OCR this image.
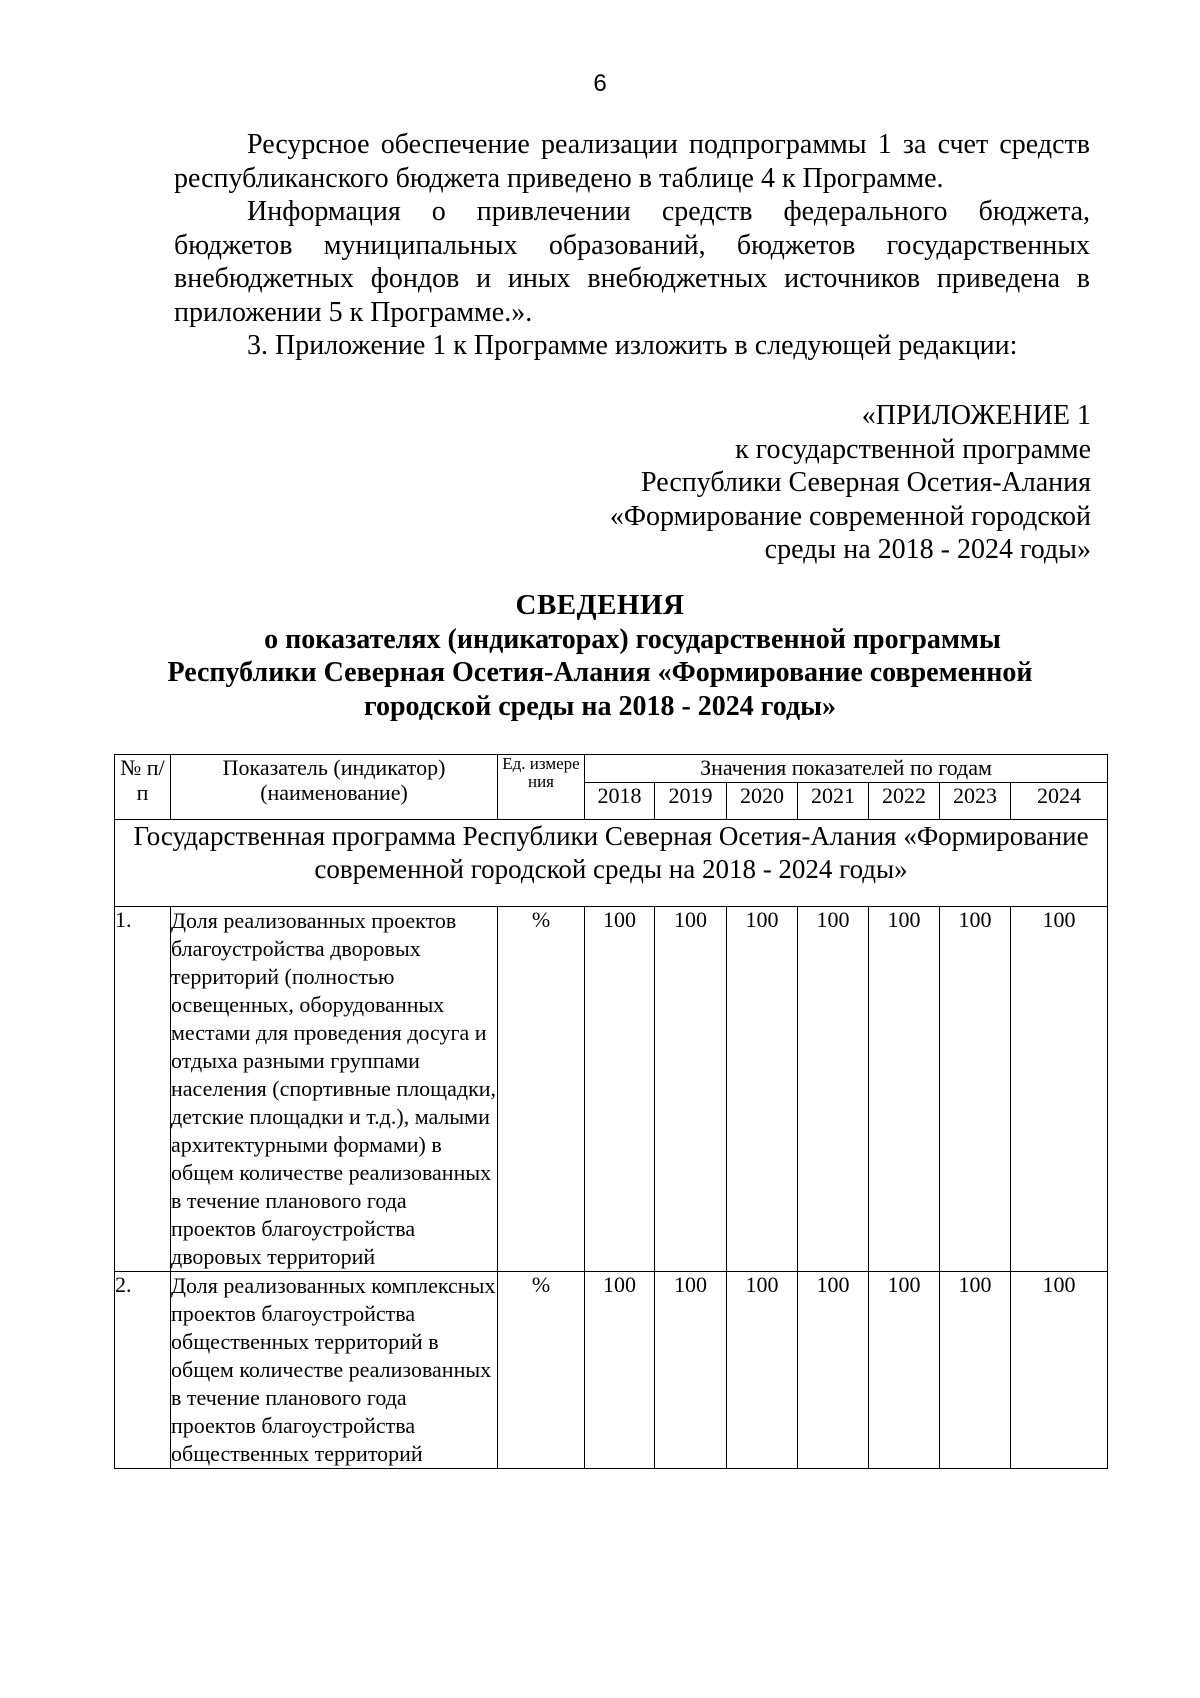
6

Ресурсное обеспечение реализации подпрограммы 1 за счет средств республиканского бюджета приведено в таблице 4 к Программе.

Информация о привлечении средств федерального бюджета, бюджетов муниципальных образований, бюджетов государственных внебюджетных фондов и иных внебюджетных источников приведена в приложении 5 к Программе.».

3. Приложение 1 к Программе изложить в следующей редакции:

«ПРИЛОЖЕНИЕ 1
к государственной программе
Республики Северная Осетия-Алания
«Формирование современной городской
среды на 2018 - 2024 годы»
СВЕДЕНИЯ
о показателях (индикаторах) государственной программы
Республики Северная Осетия-Алания «Формирование современной
городской среды на 2018 - 2024 годы»
№ п/п	Показатель (индикатор) (наименование)	Ед. измере ния	Значения показателей по годам						
			2018	2019	2020	2021	2022	2023	2024
Государственная программа Республики Северная Осетия-Алания «Формирование современной городской среды на 2018 - 2024 годы»									
1.	Доля реализованных проектов благоустройства дворовых территорий (полностью освещенных, оборудованных местами для проведения досуга и отдыха разными группами населения (спортивные площадки, детские площадки и т.д.), малыми архитектурными формами) в общем количестве реализованных в течение планового года проектов благоустройства дворовых территорий	%	100	100	100	100	100	100	100
2.	Доля реализованных комплексных проектов благоустройства общественных территорий в общем количестве реализованных в течение планового года проектов благоустройства общественных территорий	%	100	100	100	100	100	100	100
